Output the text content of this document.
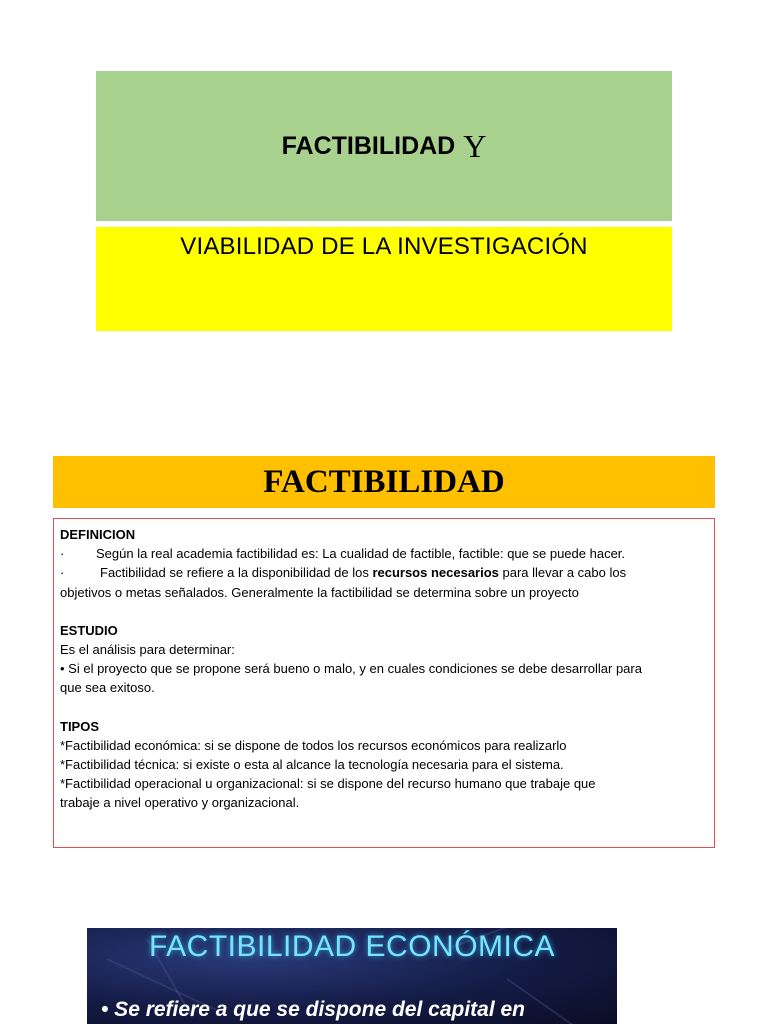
FACTIBILIDAD Y
VIABILIDAD DE LA INVESTIGACIÓN
FACTIBILIDAD

DEFINICION

·	Según la real academia factibilidad es: La cualidad de factible, factible: que se puede hacer.
·	Factibilidad se refiere a la disponibilidad de los recursos necesarios para llevar a cabo los

objetivos o metas señalados. Generalmente la factibilidad se determina sobre un proyecto

ESTUDIO

Es el análisis para determinar:

• Si el proyecto que se propone será bueno o malo, y en cuales condiciones se debe desarrollar para

que sea exitoso.

TIPOS

*Factibilidad económica: si se dispone de todos los recursos económicos para realizarlo

*Factibilidad técnica: si existe o esta al alcance la tecnología necesaria para el sistema.

*Factibilidad operacional u organizacional: si se dispone del recurso humano que trabaje que

trabaje a nivel operativo y organizacional.

FACTIBILIDAD ECONÓMICA
• Se refiere a que se dispone del capital en
